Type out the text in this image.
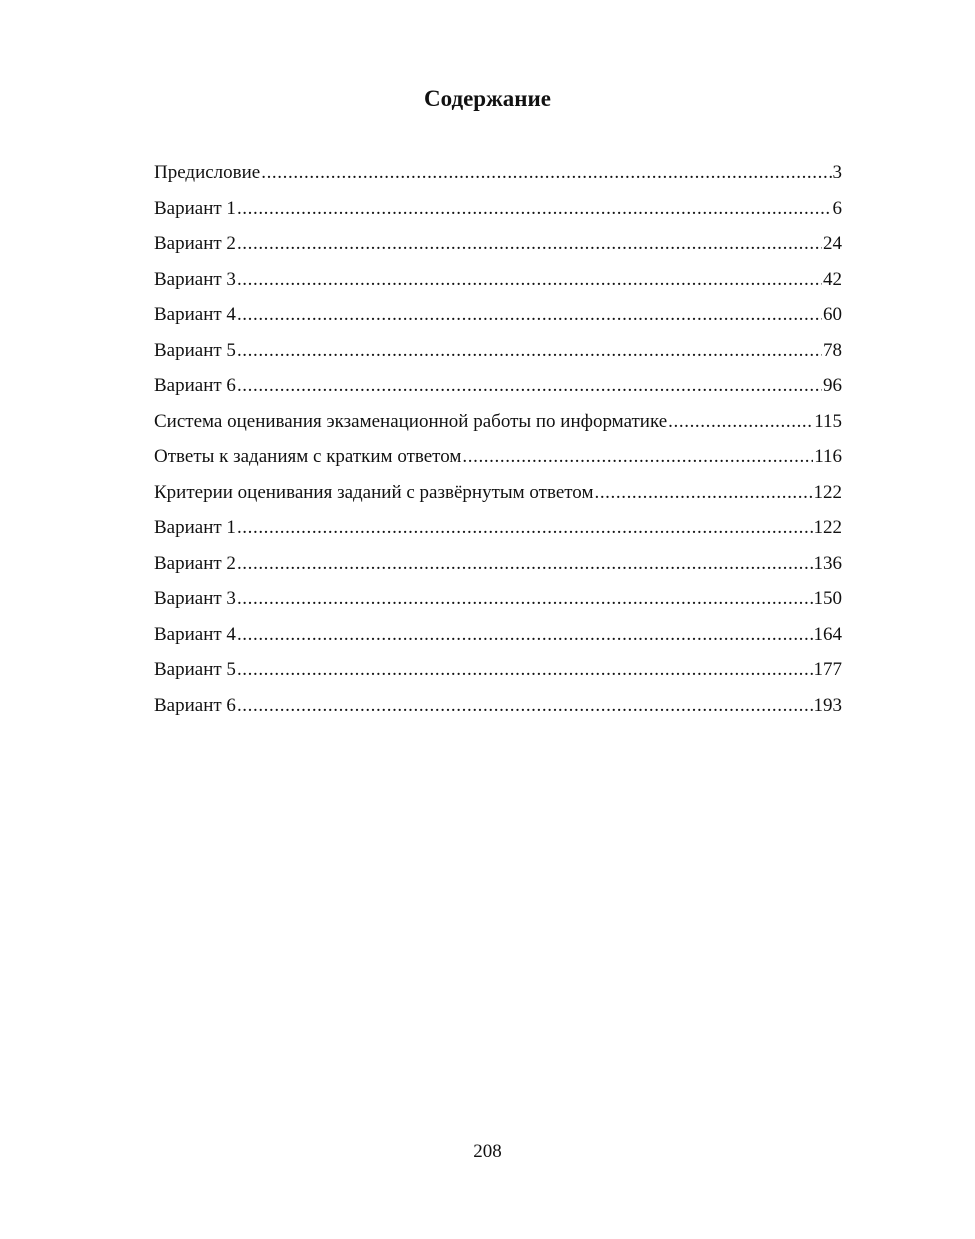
Содержание
Предисловие .....	3
Вариант 1 .....	6
Вариант 2 .....	24
Вариант 3 .....	42
Вариант 4 .....	60
Вариант 5 .....	78
Вариант 6 .....	96
Система оценивания экзаменационной работы по информатике .....	115
Ответы к заданиям с кратким ответом .....	116
Критерии оценивания заданий с развёрнутым ответом .....	122
Вариант 1 .....	122
Вариант 2 .....	136
Вариант 3 .....	150
Вариант 4 .....	164
Вариант 5 .....	177
Вариант 6 .....	193
208
